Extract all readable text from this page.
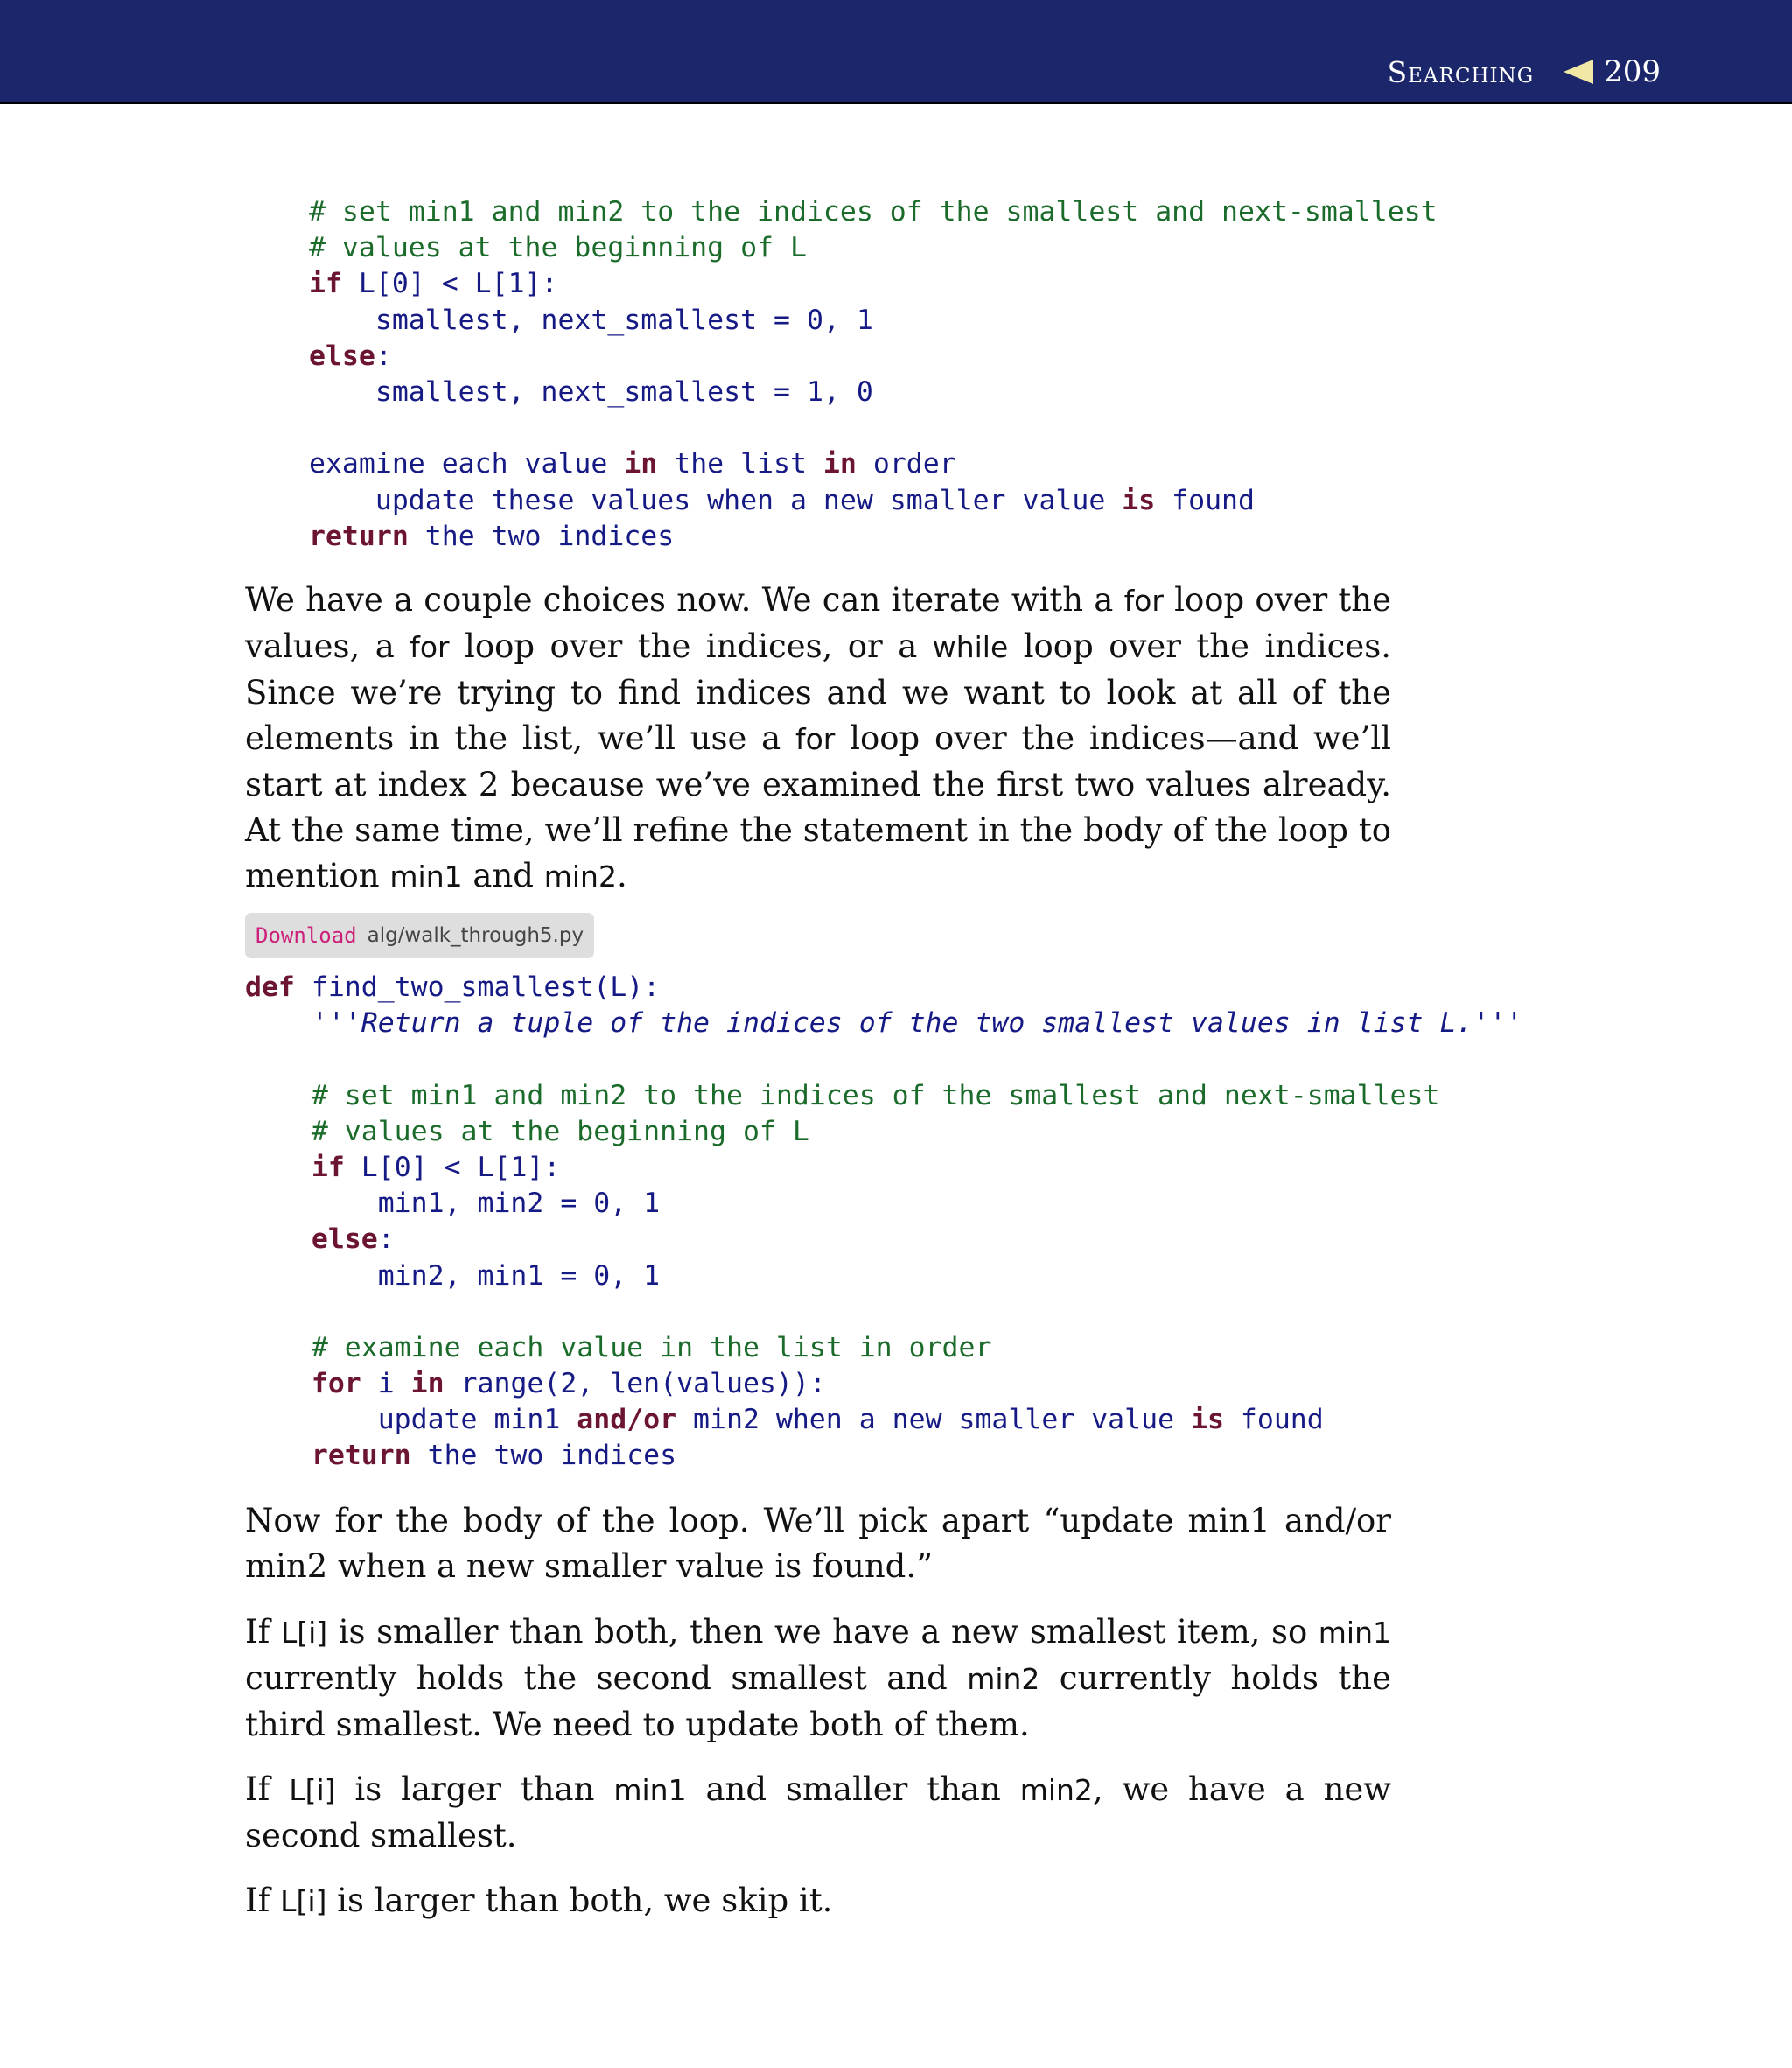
Searching 209
# set min1 and min2 to the indices of the smallest and next-smallest
# values at the beginning of L
if L[0] < L[1]:
smallest, next_smallest = 0, 1
else:
smallest, next_smallest = 1, 0
examine each value in the list in order
update these values when a new smaller value is found
return the two indices

We have a couple choices now. We can iterate with a for loop over the values, a for loop over the indices, or a while loop over the indices. Since we’re trying to find indices and we want to look at all of the elements in the list, we’ll use a for loop over the indices—and we’ll start at index 2 because we’ve examined the first two values already. At the same time, we’ll refine the statement in the body of the loop to mention min1 and min2.

Download alg/walk_through5.py
def find_two_smallest(L):
'''Return a tuple of the indices of the two smallest values in list L.'''
# set min1 and min2 to the indices of the smallest and next-smallest
# values at the beginning of L
if L[0] < L[1]:
min1, min2 = 0, 1
else:
min2, min1 = 0, 1
# examine each value in the list in order
for i in range(2, len(values)):
update min1 and/or min2 when a new smaller value is found
return the two indices

Now for the body of the loop. We’ll pick apart “update min1 and/or min2 when a new smaller value is found.”

If L[i] is smaller than both, then we have a new smallest item, so min1 currently holds the second smallest and min2 currently holds the third smallest. We need to update both of them.

If L[i] is larger than min1 and smaller than min2, we have a new second smallest.

If L[i] is larger than both, we skip it.
